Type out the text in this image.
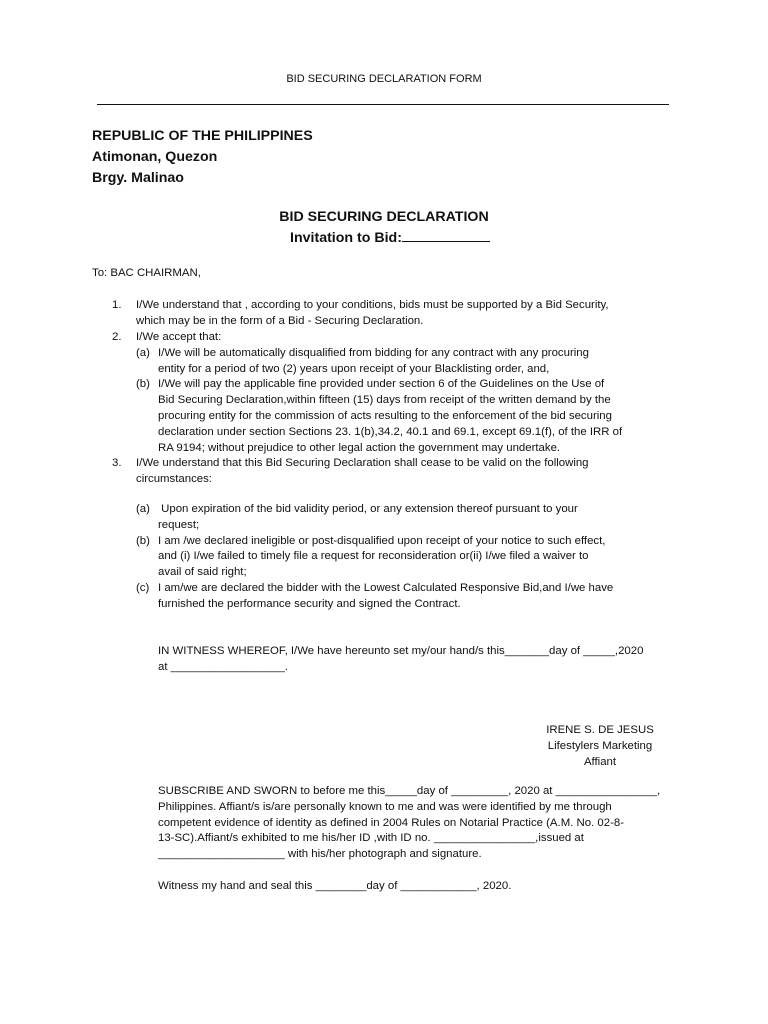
BID SECURING DECLARATION FORM
REPUBLIC OF THE PHILIPPINES
Atimonan, Quezon
Brgy. Malinao
BID SECURING DECLARATION
Invitation to Bid:
To: BAC CHAIRMAN,
1. I/We understand that , according to your conditions, bids must be supported by a Bid Security,
which may be in the form of a Bid - Securing Declaration.
2. I/We accept that:
(a) I/We will be automatically disqualified from bidding for any contract with any procuring
entity for a period of two (2) years upon receipt of your Blacklisting order, and,
(b) I/We will pay the applicable fine provided under section 6 of the Guidelines on the Use of
Bid Securing Declaration,within fifteen (15) days from receipt of the written demand by the
procuring entity for the commission of acts resulting to the enforcement of the bid securing
declaration under section Sections 23. 1(b),34.2, 40.1 and 69.1, except 69.1(f), of the IRR of
RA 9194; without prejudice to other legal action the government may undertake.
3. I/We understand that this Bid Securing Declaration shall cease to be valid on the following
circumstances:
(a) Upon expiration of the bid validity period, or any extension thereof pursuant to your
request;
(b) I am /we declared ineligible or post-disqualified upon receipt of your notice to such effect,
and (i) I/we failed to timely file a request for reconsideration or(ii) I/we filed a waiver to
avail of said right;
(c) I am/we are declared the bidder with the Lowest Calculated Responsive Bid,and I/we have
furnished the performance security and signed the Contract.
IN WITNESS WHEREOF, I/We have hereunto set my/our hand/s this_______day of _____,2020
at __________________.
IRENE S. DE JESUS
Lifestylers Marketing
Affiant
SUBSCRIBE AND SWORN to before me this_____day of _________, 2020 at ________________,
Philippines. Affiant/s is/are personally known to me and was were identified by me through
competent evidence of identity as defined in 2004 Rules on Notarial Practice (A.M. No. 02-8-
13-SC).Affiant/s exhibited to me his/her ID ,with ID no. ________________,issued at
____________________ with his/her photograph and signature.
Witness my hand and seal this ________day of ____________, 2020.
